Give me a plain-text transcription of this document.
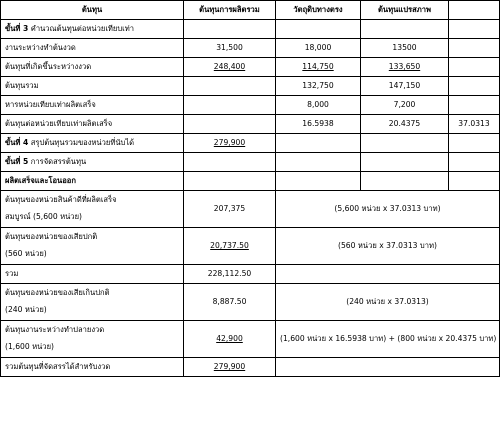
ต้นทุน	ต้นทุนการผลิตรวม	วัตถุดิบทางตรง	ต้นทุนแปรสภาพ	
ขั้นที่ 3 คำนวณต้นทุนต่อหน่วยเทียบเท่า				
งานระหว่างทำต้นงวด	31,500	18,000	13500	
ต้นทุนที่เกิดขึ้นระหว่างงวด	248,400	114,750	133,650	
ต้นทุนรวม		132,750	147,150	
หารหน่วยเทียบเท่าผลิตเสร็จ		8,000	7,200	
ต้นทุนต่อหน่วยเทียบเท่าผลิตเสร็จ		16.5938	20.4375	37.0313
ขั้นที่ 4 สรุปต้นทุนรวมของหน่วยที่นับได้	279,900			
ขั้นที่ 5 การจัดสรรต้นทุน				
ผลิตเสร็จและโอนออก				

ต้นทุนของหน่วยสินค้าดีที่ผลิตเสร็จ
สมบูรณ์ (5,600 หน่วย)	207,375	(5,600 หน่วย x 37.0313 บาท)		

ต้นทุนของหน่วยของเสียปกติ
(560 หน่วย)	20,737.50	(560 หน่วย x 37.0313 บาท)		
รวม	228,112.50			

ต้นทุนของหน่วยของเสียเกินปกติ
(240 หน่วย)	8,887.50	(240 หน่วย x 37.0313)		

ต้นทุนงานระหว่างทำปลายงวด
(1,600 หน่วย)	42,900	(1,600 หน่วย x 16.5938 บาท) + (800 หน่วย x 20.4375 บาท)		
รวมต้นทุนที่จัดสรรได้สำหรับงวด	279,900			
